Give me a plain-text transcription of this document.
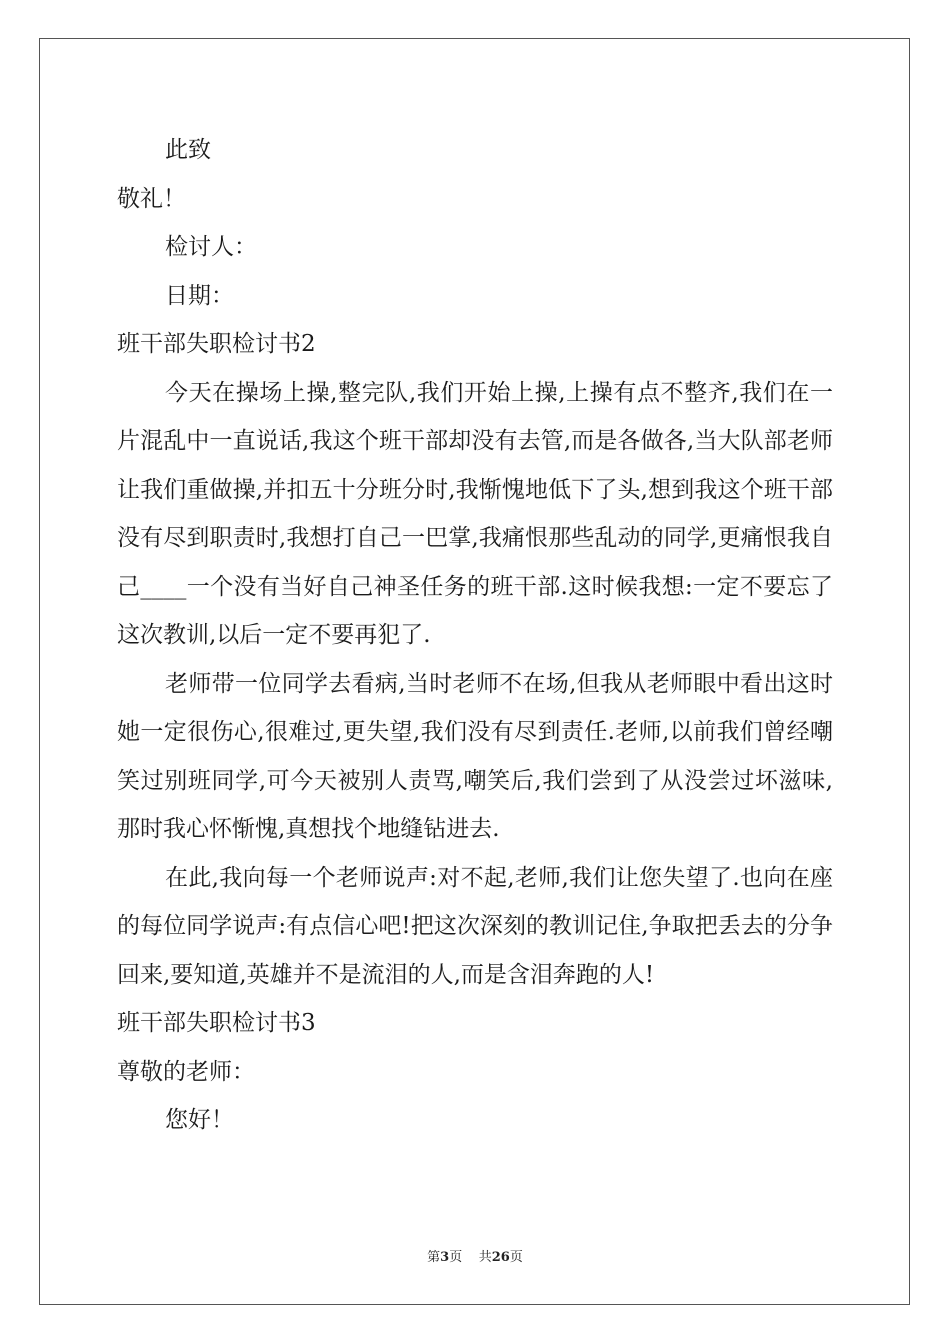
此致
敬礼！
检讨人：
日期：
班干部失职检讨书2

今天在操场上操,整完队,我们开始上操,上操有点不整齐,我们在一片混乱中一直说话,我这个班干部却没有去管,而是各做各,当大队部老师让我们重做操,并扣五十分班分时,我惭愧地低下了头,想到我这个班干部没有尽到职责时,我想打自己一巴掌,我痛恨那些乱动的同学,更痛恨我自己____一个没有当好自己神圣任务的班干部.这时候我想:一定不要忘了这次教训,以后一定不要再犯了.

老师带一位同学去看病,当时老师不在场,但我从老师眼中看出这时她一定很伤心,很难过,更失望,我们没有尽到责任.老师,以前我们曾经嘲笑过别班同学,可今天被别人责骂,嘲笑后,我们尝到了从没尝过坏滋味,那时我心怀惭愧,真想找个地缝钻进去.

在此,我向每一个老师说声:对不起,老师,我们让您失望了.也向在座的每位同学说声:有点信心吧!把这次深刻的教训记住,争取把丢去的分争回来,要知道,英雄并不是流泪的人,而是含泪奔跑的人!

班干部失职检讨书3
尊敬的老师：
您好！
第3页 共26页
